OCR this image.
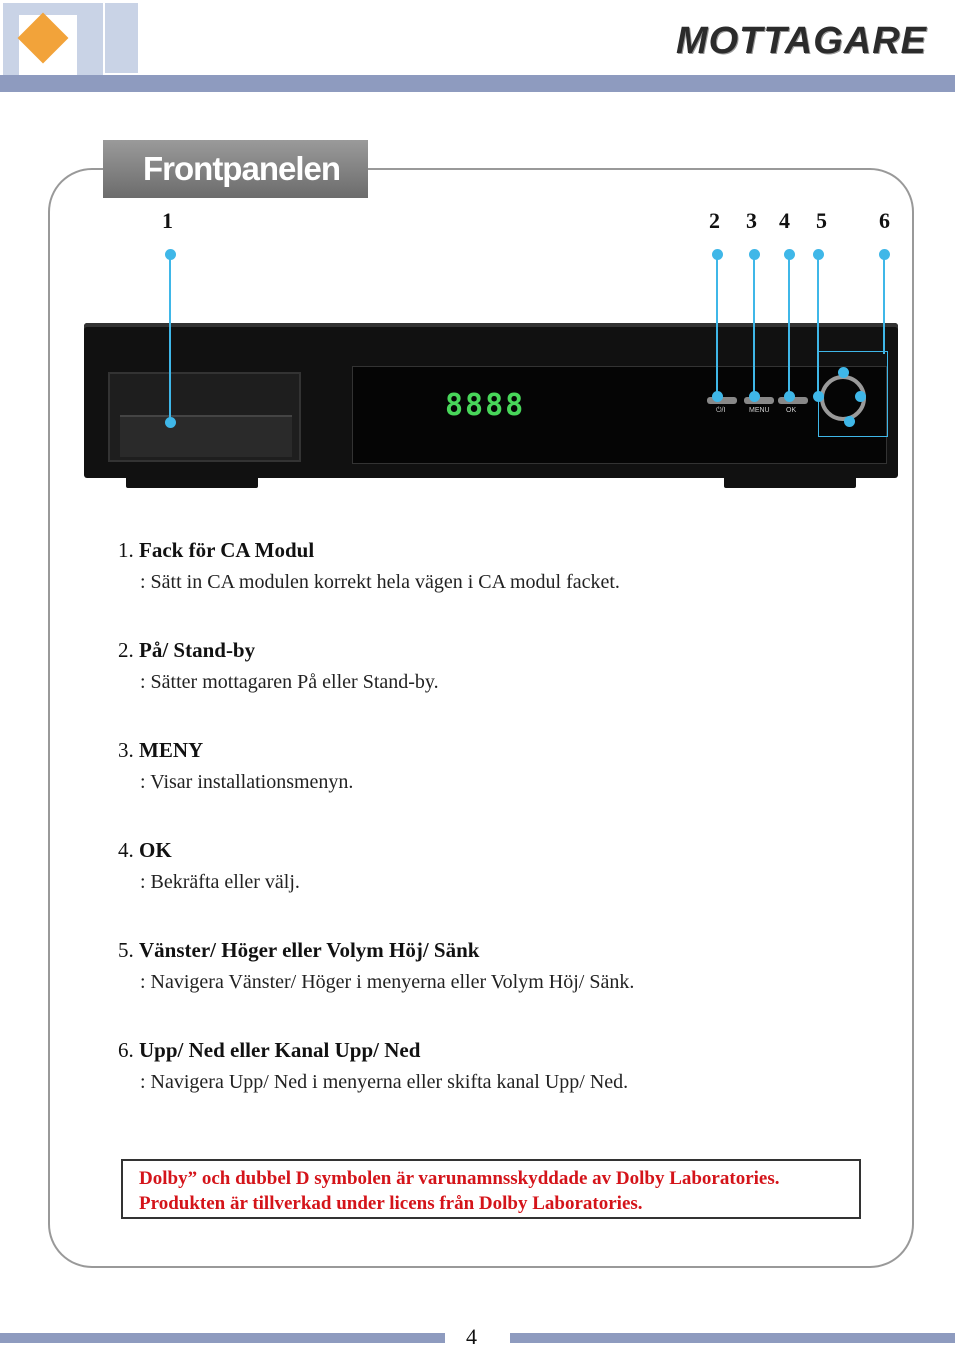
MOTTAGARE
Frontpanelen
1	2 3 4 5 6
8888	⏻/I	MENU OK
1. Fack för CA Modul
: Sätt in CA modulen korrekt hela vägen i CA modul facket.
2. På/ Stand-by
: Sätter mottagaren På eller Stand-by.
3. MENY
: Visar installationsmenyn.
4. OK
: Bekräfta eller välj.
5. Vänster/ Höger eller Volym Höj/ Sänk
: Navigera Vänster/ Höger i menyerna eller Volym Höj/ Sänk.
6. Upp/ Ned eller Kanal Upp/ Ned
: Navigera Upp/ Ned i menyerna eller skifta kanal Upp/ Ned.
Dolby” och dubbel D symbolen är varunamnsskyddade av Dolby Laboratories.
Produkten är tillverkad under licens från Dolby Laboratories.
4
